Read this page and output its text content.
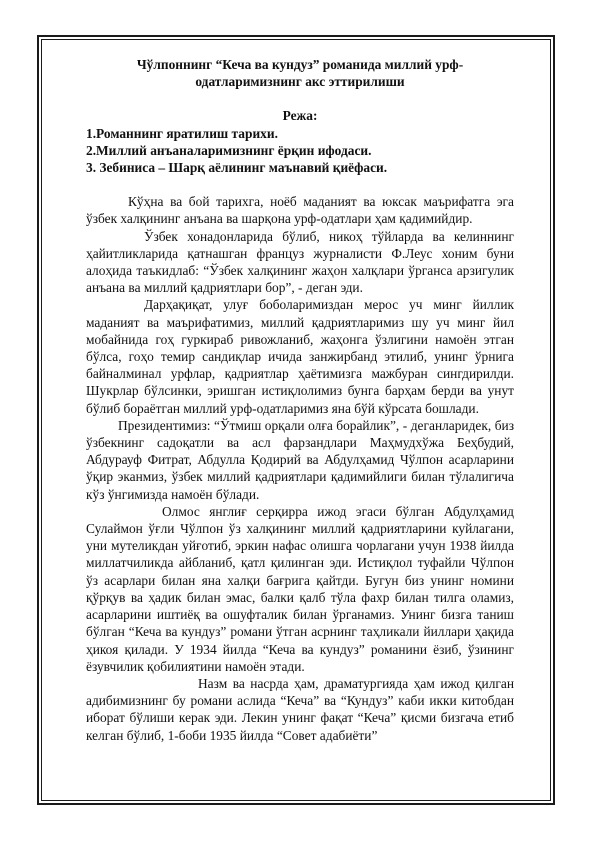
Чўлпоннинг “Кеча ва кундуз” романида миллий урф-
одатларимизнинг акс эттирилиши

Режа:

1.Романнинг яратилиш тарихи.

2.Миллий анъаналаримизнинг ёрқин ифодаси.

3. Зебиниса – Шарқ аёлининг маънавий қиёфаси.

Кўҳна ва бой тарихга, ноёб маданият ва юксак маърифатга эга ўзбек халқининг анъана ва шарқона урф-одатлари ҳам қадимийдир.

Ўзбек хонадонларида бўлиб, никоҳ тўйларда ва келиннинг ҳайитликларида қатнашган француз журналисти Ф.Леус хоним буни алоҳида таъкидлаб: “Ўзбек халқининг жаҳон халқлари ўрганса арзигулик анъана ва миллий қадриятлари бор”, - деган эди.

Дарҳақиқат, улуғ боболаримиздан мерос уч минг йиллик маданият ва маърифатимиз, миллий қадриятларимиз шу уч минг йил мобайнида гоҳ гуркираб ривожланиб, жаҳонга ўзлигини намоён этган бўлса, гоҳо темир сандиқлар ичида занжирбанд этилиб, унинг ўрнига байналминал урфлар, қадриятлар ҳаётимизга мажбуран сингдирилди. Шукрлар бўлсинки, эришган истиқлолимиз бунга барҳам берди ва унут бўлиб бораётган миллий урф-одатларимиз яна бўй кўрсата бошлади.

Президентимиз: “Ўтмиш орқали олға борайлик”, - деганларидек, биз ўзбекнинг садоқатли ва асл фарзандлари Маҳмудхўжа Беҳбудий, Абдурауф Фитрат, Абдулла Қодирий ва Абдулҳамид Чўлпон асарларини ўқир эканмиз, ўзбек миллий қадриятлари қадимийлиги билан тўлалигича кўз ўнгимизда намоён бўлади.

Олмос янглиғ серқирра ижод эгаси бўлган Абдулҳамид Сулаймон ўғли Чўлпон ўз халқининг миллий қадриятларини куйлагани, уни мутеликдан уйғотиб, эркин нафас олишга чорлагани учун 1938 йилда миллатчиликда айбланиб, қатл қилинган эди. Истиқлол туфайли Чўлпон ўз асарлари билан яна халқи бағрига қайтди. Бугун биз унинг номини қўрқув ва ҳадик билан эмас, балки қалб тўла фахр билан тилга оламиз, асарларини иштиёқ ва ошуфталик билан ўрганамиз. Унинг бизга таниш бўлган “Кеча ва кундуз” романи ўтган асрнинг таҳликали йиллари ҳақида ҳикоя қилади. У 1934 йилда “Кеча ва кундуз” романини ёзиб, ўзининг ёзувчилик қобилиятини намоён этади.

Назм ва насрда ҳам, драматургияда ҳам ижод қилган адибимизнинг бу романи аслида “Кеча” ва “Кундуз” каби икки китобдан иборат бўлиши керак эди. Лекин унинг фақат “Кеча” қисми бизгача етиб келган бўлиб, 1-боби 1935 йилда “Совет адабиёти”
